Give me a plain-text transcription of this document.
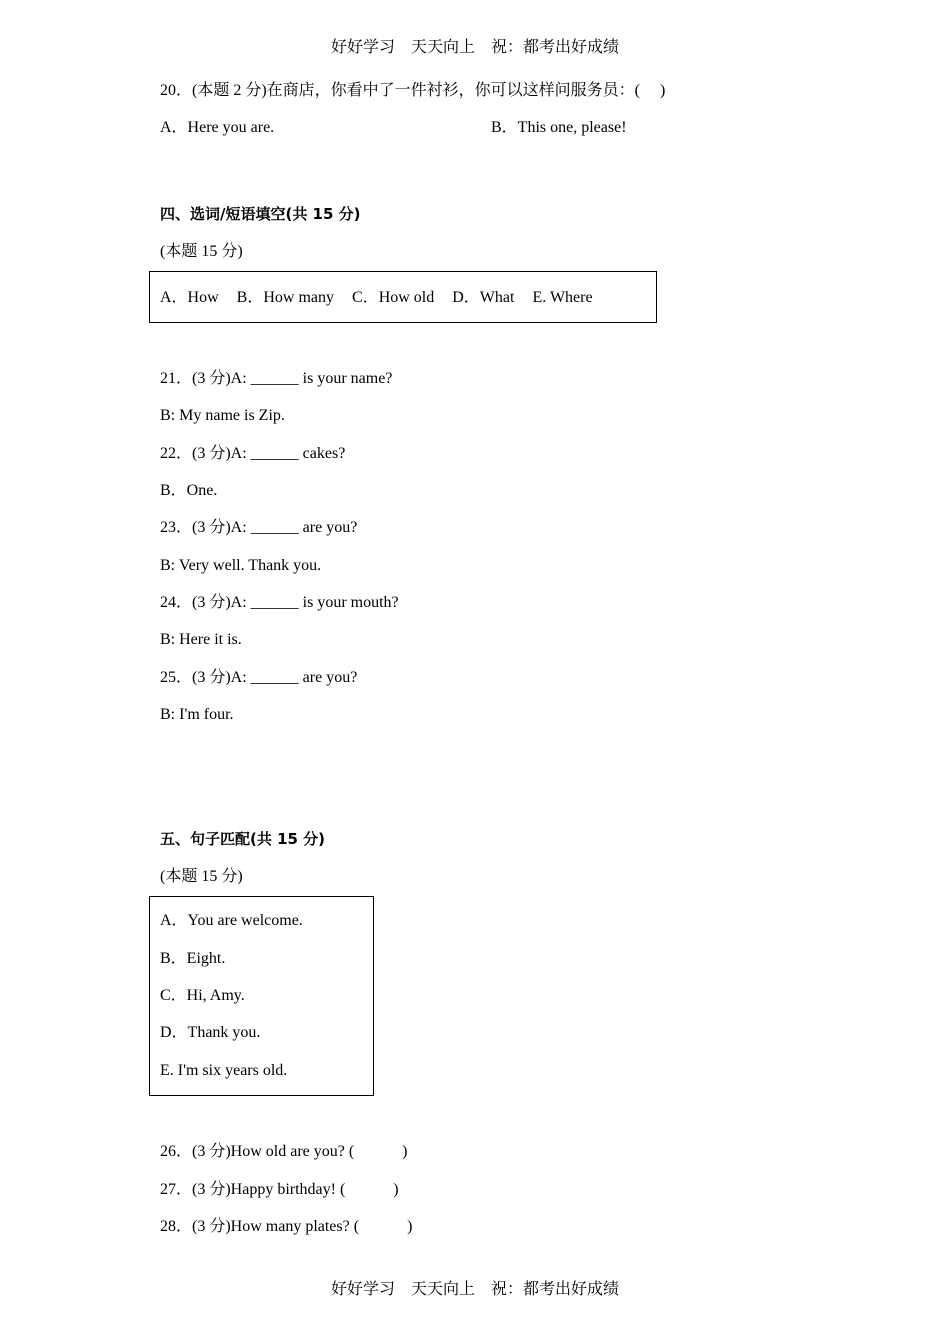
好好学习　天天向上　祝：都考出好成绩
20．(本题 2 分)在商店，你看中了一件衬衫，你可以这样问服务员：(　 )
A．Here you are.	B．This one, please!
四、选词/短语填空(共 15 分)
(本题 15 分)
A．How B．How many C．How old D．What E. Where
21．(3 分)A: ______ is your name?
B: My name is Zip.
22．(3 分)A: ______ cakes?
B．One.
23．(3 分)A: ______ are you?
B: Very well. Thank you.
24．(3 分)A: ______ is your mouth?
B: Here it is.
25．(3 分)A: ______ are you?
B: I'm four.
五、句子匹配(共 15 分)
(本题 15 分)
A．You are welcome.
B．Eight.
C．Hi, Amy.
D．Thank you.
E. I'm six years old.
26．(3 分)How old are you? (　　　)
27．(3 分)Happy birthday! (　　　)
28．(3 分)How many plates? (　　　)
好好学习　天天向上　祝：都考出好成绩
